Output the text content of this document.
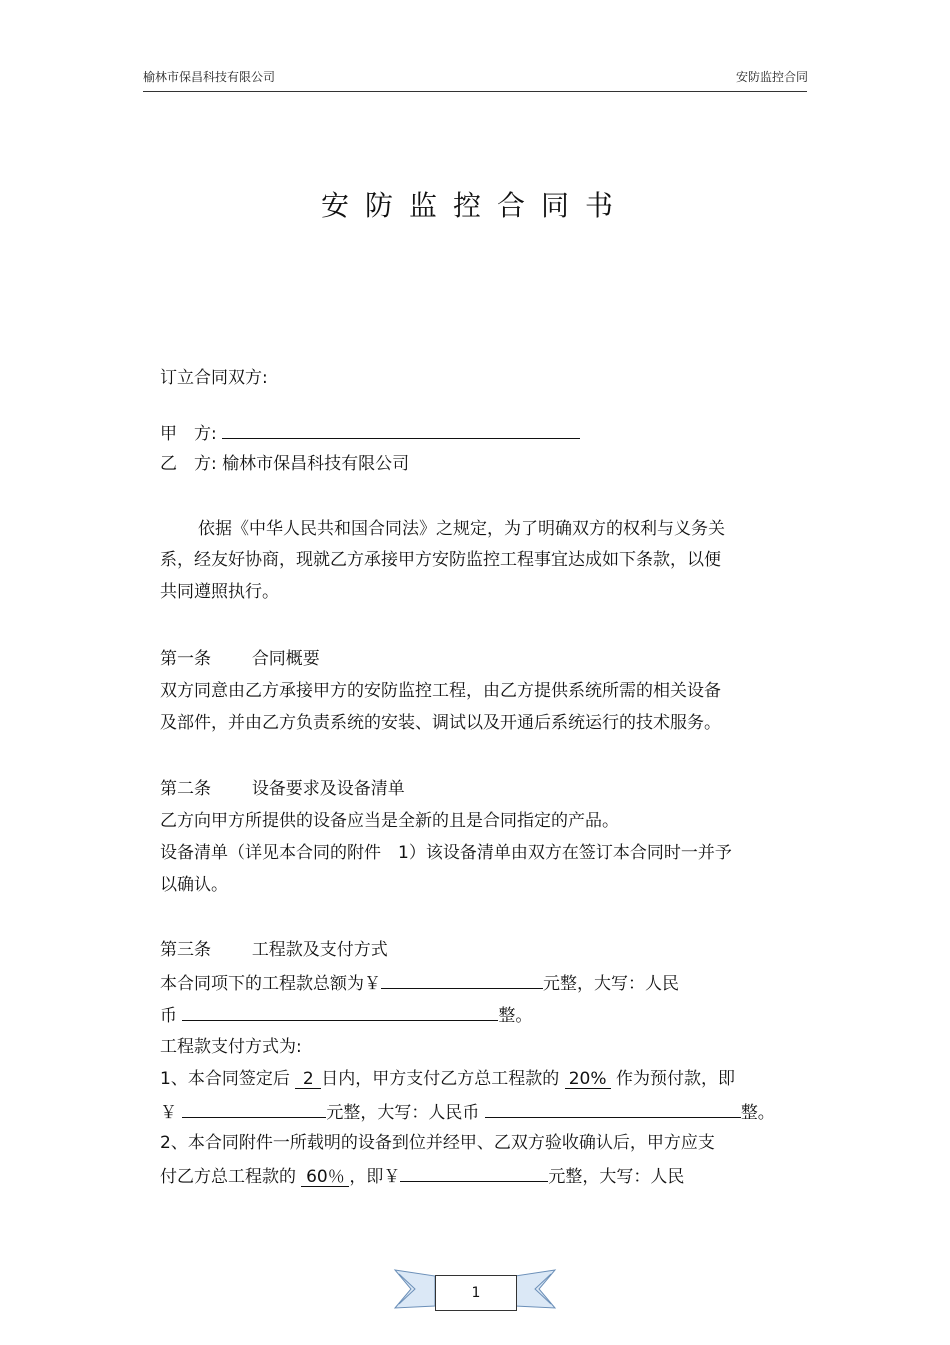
榆林市保昌科技有限公司	安防监控合同
安防监控合同书
订立合同双方:
甲　方:
乙　方: 榆林市保昌科技有限公司
依据《中华人民共和国合同法》之规定，为了明确双方的权利与义务关
系，经友好协商，现就乙方承接甲方安防监控工程事宜达成如下条款，以便
共同遵照执行。
第一条 合同概要
双方同意由乙方承接甲方的安防监控工程，由乙方提供系统所需的相关设备
及部件，并由乙方负责系统的安装、调试以及开通后系统运行的技术服务。
第二条 设备要求及设备清单
乙方向甲方所提供的设备应当是全新的且是合同指定的产品。
设备清单（详见本合同的附件　1）该设备清单由双方在签订本合同时一并予
以确认。
第三条 工程款及支付方式
本合同项下的工程款总额为￥	元整，大写：人民
币	整。
工程款支付方式为:
1、本合同签定后 2 日内，甲方支付乙方总工程款的 20% 作为预付款，即
￥	元整，大写：人民币	整。
2、本合同附件一所载明的设备到位并经甲、乙双方验收确认后，甲方应支
付乙方总工程款的 60％ ，即￥	元整，大写：人民
1
